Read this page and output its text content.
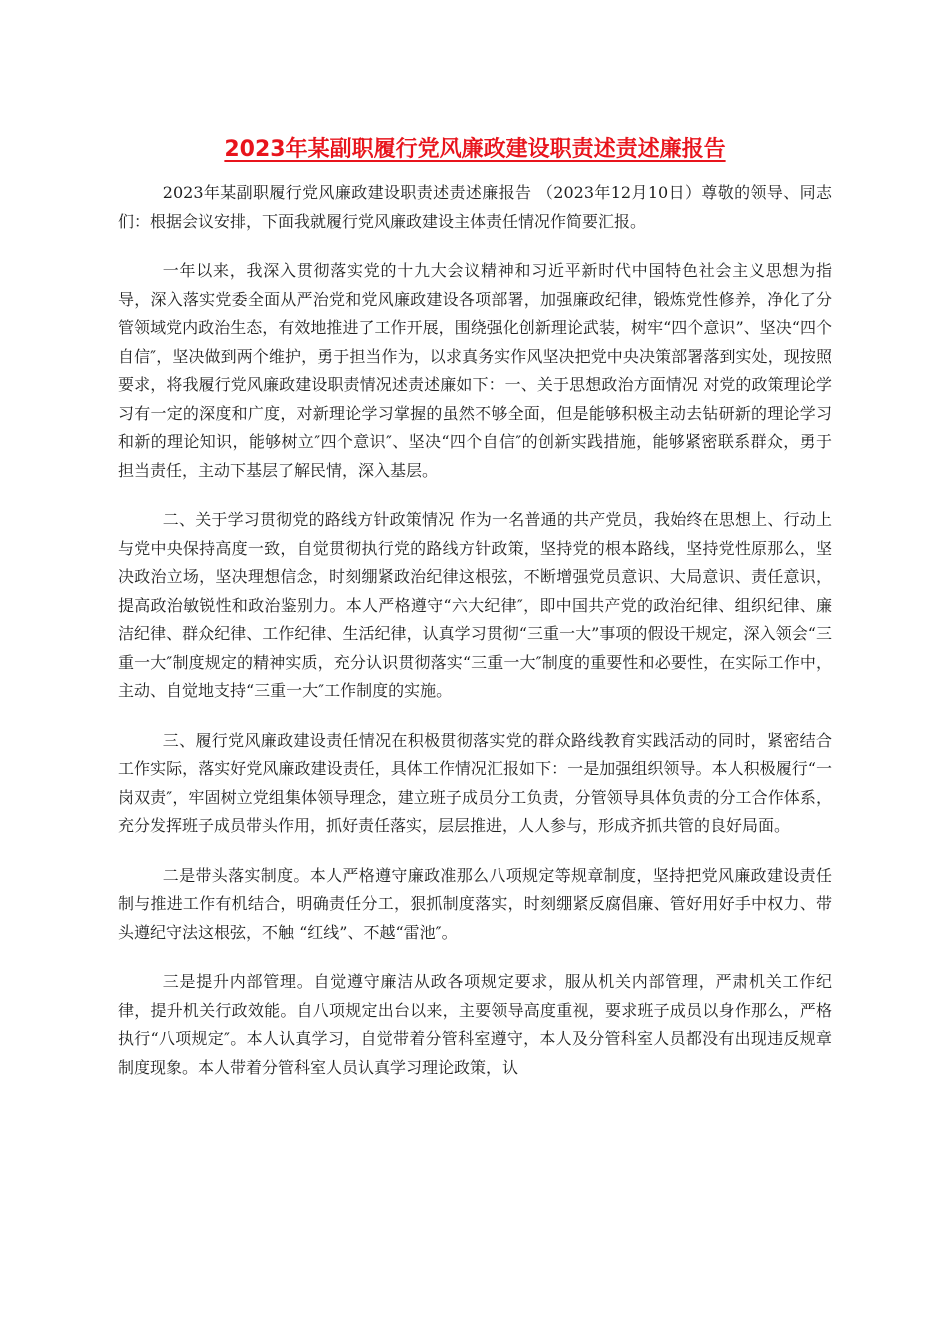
2023年某副职履行党风廉政建设职责述责述廉报告

2023年某副职履行党风廉政建设职责述责述廉报告 （2023年12月10日）尊敬的领导、同志们：根据会议安排，下面我就履行党风廉政建设主体责任情况作简要汇报。

一年以来，我深入贯彻落实党的十九大会议精神和习近平新时代中国特色社会主义思想为指导，深入落实党委全面从严治党和党风廉政建设各项部署，加强廉政纪律，锻炼党性修养，净化了分管领域党内政治生态，有效地推进了工作开展，围绕强化创新理论武装，树牢“四个意识”、坚决“四个自信″，坚决做到两个维护，勇于担当作为，以求真务实作风坚决把党中央决策部署落到实处，现按照要求，将我履行党风廉政建设职责情况述责述廉如下：一、关于思想政治方面情况 对党的政策理论学习有一定的深度和广度，对新理论学习掌握的虽然不够全面，但是能够积极主动去钻研新的理论学习和新的理论知识，能够树立″四个意识″、坚决“四个自信″的创新实践措施，能够紧密联系群众，勇于担当责任，主动下基层了解民情，深入基层。

二、关于学习贯彻党的路线方针政策情况 作为一名普通的共产党员，我始终在思想上、行动上与党中央保持高度一致，自觉贯彻执行党的路线方针政策，坚持党的根本路线，坚持党性原那么，坚决政治立场，坚决理想信念，时刻绷紧政治纪律这根弦，不断增强党员意识、大局意识、责任意识，提高政治敏锐性和政治鉴别力。本人严格遵守“六大纪律″，即中国共产党的政治纪律、组织纪律、廉洁纪律、群众纪律、工作纪律、生活纪律，认真学习贯彻“三重一大”事项的假设干规定，深入领会“三重一大″制度规定的精神实质，充分认识贯彻落实“三重一大″制度的重要性和必要性，在实际工作中，主动、自觉地支持“三重一大″工作制度的实施。

三、履行党风廉政建设责任情况在积极贯彻落实党的群众路线教育实践活动的同时，紧密结合工作实际，落实好党风廉政建设责任，具体工作情况汇报如下：一是加强组织领导。本人积极履行“一岗双责″，牢固树立党组集体领导理念，建立班子成员分工负责，分管领导具体负责的分工合作体系，充分发挥班子成员带头作用，抓好责任落实，层层推进，人人参与，形成齐抓共管的良好局面。

二是带头落实制度。本人严格遵守廉政准那么八项规定等规章制度，坚持把党风廉政建设责任制与推进工作有机结合，明确责任分工，狠抓制度落实，时刻绷紧反腐倡廉、管好用好手中权力、带头遵纪守法这根弦，不触 “红线”、不越“雷池″。

三是提升内部管理。自觉遵守廉洁从政各项规定要求，服从机关内部管理，严肃机关工作纪律，提升机关行政效能。自八项规定出台以来，主要领导高度重视，要求班子成员以身作那么，严格执行“八项规定″。本人认真学习，自觉带着分管科室遵守，本人及分管科室人员都没有出现违反规章制度现象。本人带着分管科室人员认真学习理论政策，认
